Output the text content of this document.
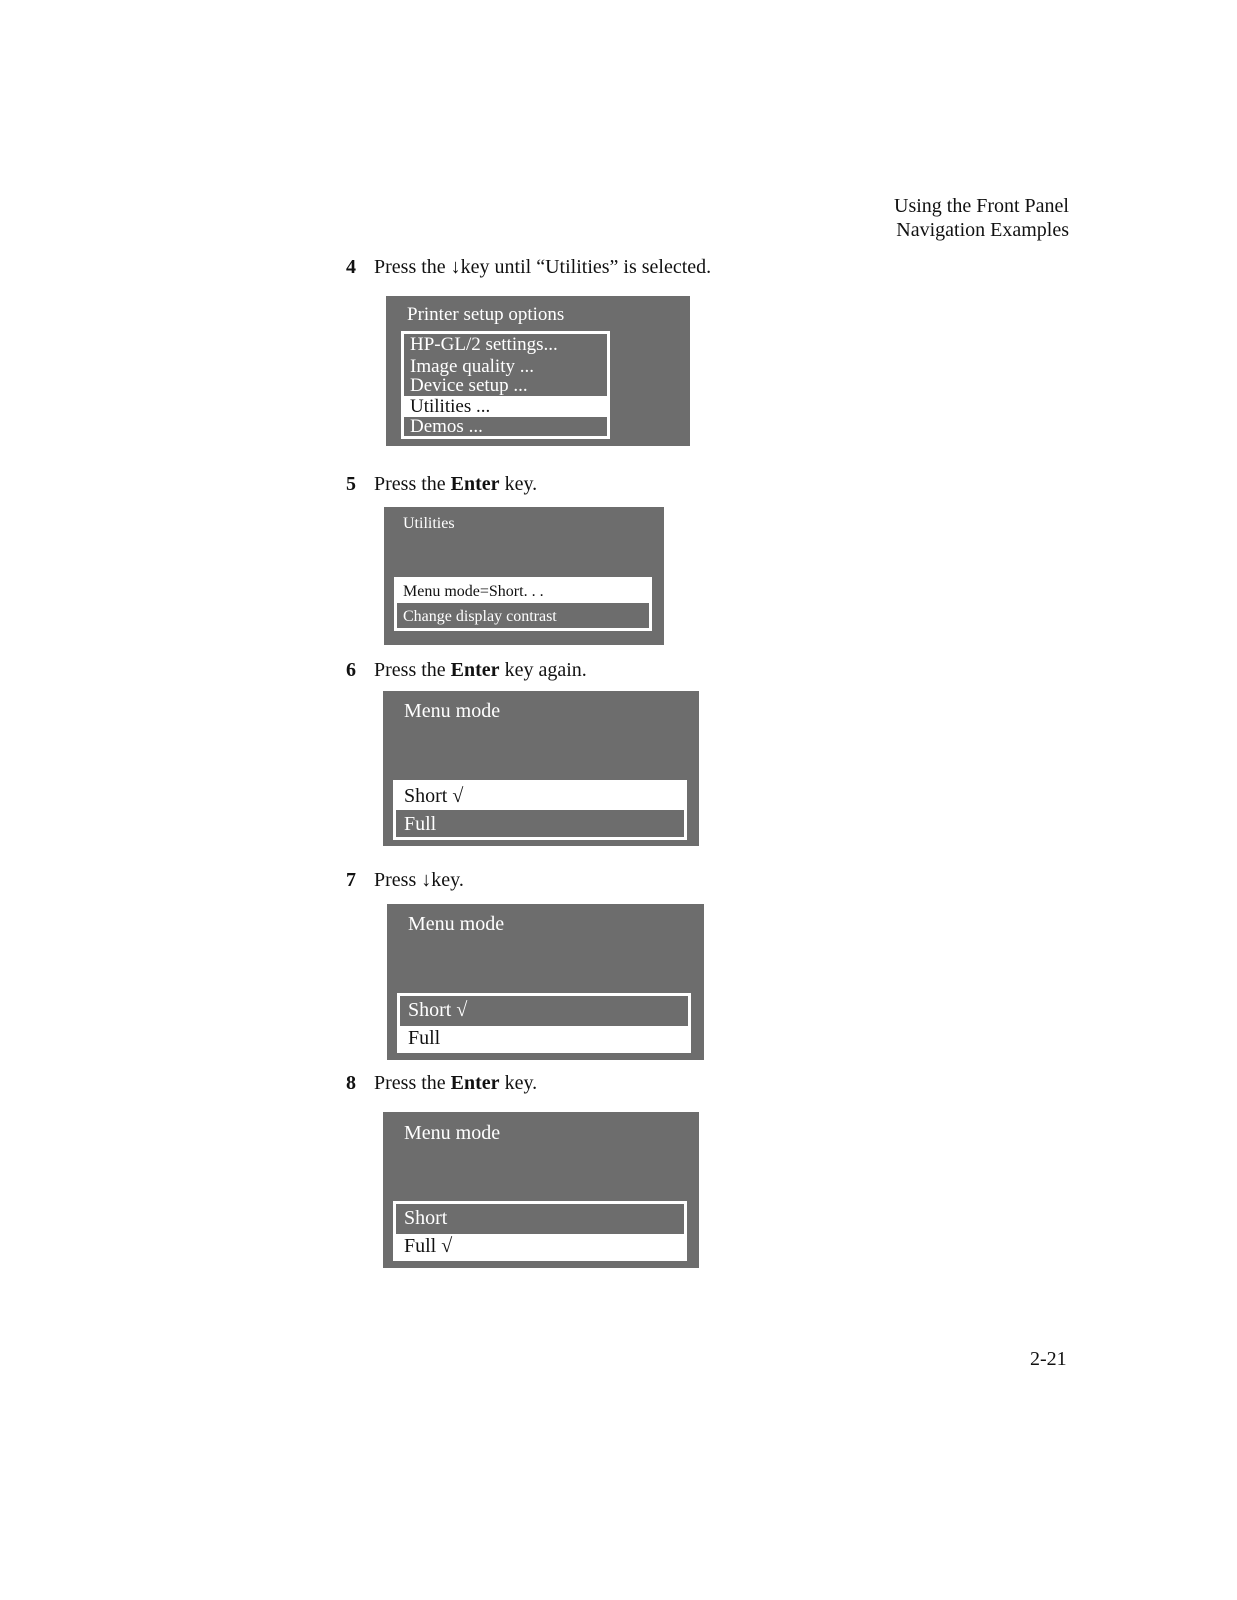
Using the Front Panel
Navigation Examples
4 Press the ↓key until “Utilities” is selected.
Printer setup options
HP-GL/2 settings...
Image quality ...
Device setup ...
Utilities ...
Demos ...
5 Press the Enter key.
Utilities
Menu mode=Short. . .
Change display contrast
6 Press the Enter key again.
Menu mode
Short √
Full
7 Press ↓key.
Menu mode
Short √
Full
8 Press the Enter key.
Menu mode
Short
Full √
2-21
